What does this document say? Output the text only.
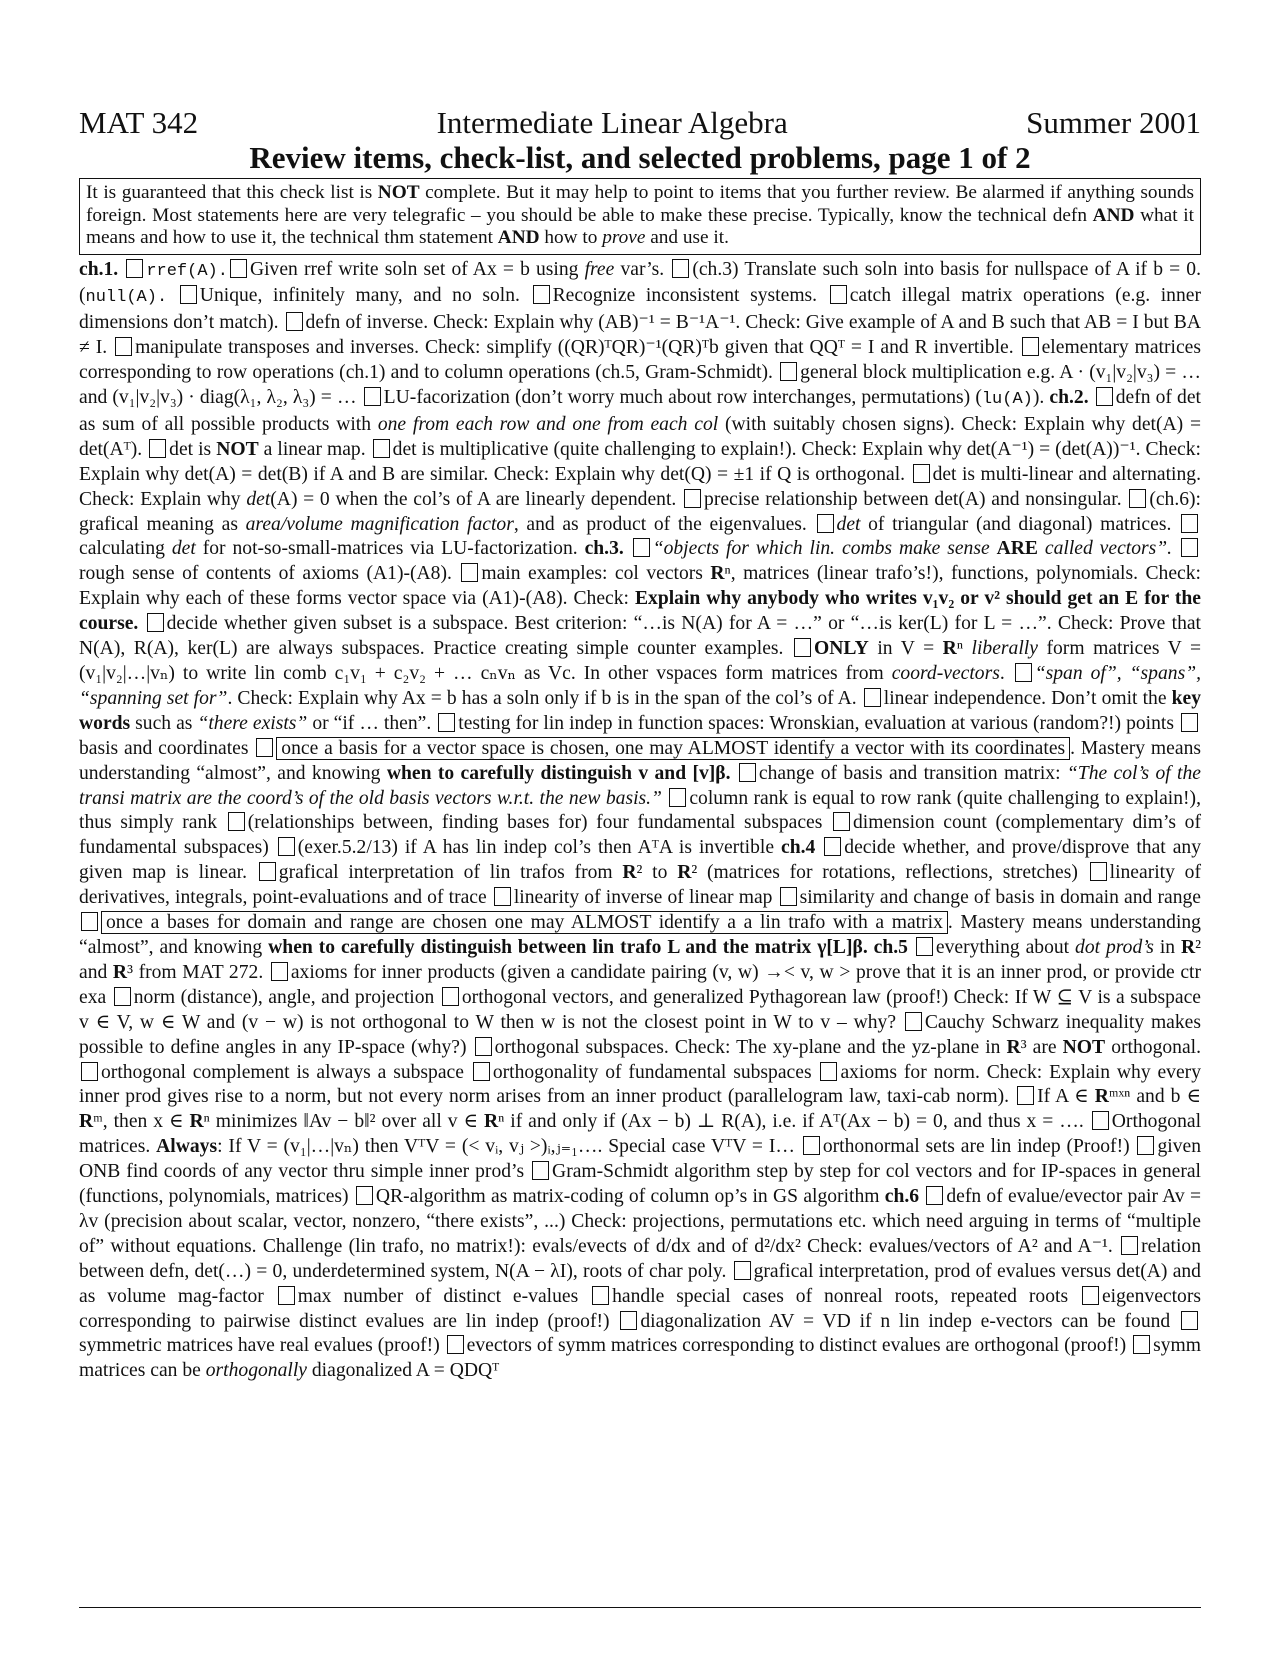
MAT 342	Intermediate Linear Algebra	Summer 2001
Review items, check-list, and selected problems, page 1 of 2
It is guaranteed that this check list is NOT complete. But it may help to point to items that you further review. Be alarmed if anything sounds foreign. Most statements here are very telegrafic – you should be able to make these precise. Typically, know the technical defn AND what it means and how to use it, the technical thm statement AND how to prove and use it.
ch.1. rref(A). Given rref write soln set of Ax = b using free var’s. (ch.3) Translate such soln into basis for nullspace of A if b = 0. (null(A). Unique, infinitely many, and no soln. Recognize inconsistent systems. catch illegal matrix operations (e.g. inner dimensions don’t match). defn of inverse. Check: Explain why (AB)⁻¹ = B⁻¹A⁻¹. Check: Give example of A and B such that AB = I but BA ≠ I. manipulate transposes and inverses. Check: simplify ((QR)ᵀQR)⁻¹(QR)ᵀb given that QQᵀ = I and R invertible. elementary matrices corresponding to row operations (ch.1) and to column operations (ch.5, Gram-Schmidt). general block multiplication e.g. A · (v₁|v₂|v₃) = … and (v₁|v₂|v₃) · diag(λ₁, λ₂, λ₃) = … LU-facorization (don’t worry much about row interchanges, permutations) (lu(A)). ch.2. defn of det as sum of all possible products with one from each row and one from each col (with suitably chosen signs). Check: Explain why det(A) = det(Aᵀ). det is NOT a linear map. det is multiplicative (quite challenging to explain!). Check: Explain why det(A⁻¹) = (det(A))⁻¹. Check: Explain why det(A) = det(B) if A and B are similar. Check: Explain why det(Q) = ±1 if Q is orthogonal. det is multi-linear and alternating. Check: Explain why det(A) = 0 when the col’s of A are linearly dependent. precise relationship between det(A) and nonsingular. (ch.6): grafical meaning as area/volume magnification factor, and as product of the eigenvalues. det of triangular (and diagonal) matrices. calculating det for not-so-small-matrices via LU-factorization. ch.3. “objects for which lin. combs make sense ARE called vectors”. rough sense of contents of axioms (A1)-(A8). main examples: col vectors Rⁿ, matrices (linear trafo’s!), functions, polynomials. Check: Explain why each of these forms vector space via (A1)-(A8). Check: Explain why anybody who writes v₁v₂ or v² should get an E for the course. decide whether given subset is a subspace. Best criterion: “…is N(A) for A = …” or “…is ker(L) for L = …”. Check: Prove that N(A), R(A), ker(L) are always subspaces. Practice creating simple counter examples. ONLY in V = Rⁿ liberally form matrices V = (v₁|v₂|…|vₙ) to write lin comb c₁v₁ + c₂v₂ + … cₙvₙ as Vc. In other vspaces form matrices from coord-vectors. “span of”, “spans”, “spanning set for”. Check: Explain why Ax = b has a soln only if b is in the span of the col’s of A. linear independence. Don’t omit the key words such as “there exists” or “if … then”. testing for lin indep in function spaces: Wronskian, evaluation at various (random?!) points basis and coordinates once a basis for a vector space is chosen, one may ALMOST identify a vector with its coordinates . Mastery means understanding “almost”, and knowing when to carefully distinguish v and [v]β. change of basis and transition matrix: “The col’s of the transi matrix are the coord’s of the old basis vectors w.r.t. the new basis.” column rank is equal to row rank (quite challenging to explain!), thus simply rank (relationships between, finding bases for) four fundamental subspaces dimension count (complementary dim’s of fundamental subspaces) (exer.5.2/13) if A has lin indep col’s then AᵀA is invertible ch.4 decide whether, and prove/disprove that any given map is linear. grafical interpretation of lin trafos from R² to R² (matrices for rotations, reflections, stretches) linearity of derivatives, integrals, point-evaluations and of trace linearity of inverse of linear map similarity and change of basis in domain and range once a bases for domain and range are chosen one may ALMOST identify a a lin trafo with a matrix . Mastery means understanding “almost”, and knowing when to carefully distinguish between lin trafo L and the matrix γ[L]β. ch.5 everything about dot prod’s in R² and R³ from MAT 272. axioms for inner products (given a candidate pairing (v, w) →< v, w > prove that it is an inner prod, or provide ctr exa norm (distance), angle, and projection orthogonal vectors, and generalized Pythagorean law (proof!) Check: If W ⊆ V is a subspace v ∈ V, w ∈ W and (v − w) is not orthogonal to W then w is not the closest point in W to v – why? Cauchy Schwarz inequality makes possible to define angles in any IP-space (why?) orthogonal subspaces. Check: The xy-plane and the yz-plane in R³ are NOT orthogonal. orthogonal complement is always a subspace orthogonality of fundamental subspaces axioms for norm. Check: Explain why every inner prod gives rise to a norm, but not every norm arises from an inner product (parallelogram law, taxi-cab norm). If A ∈ Rᵐˣⁿ and b ∈ Rᵐ, then x ∈ Rⁿ minimizes ‖Av − b‖² over all v ∈ Rⁿ if and only if (Ax − b) ⊥ R(A), i.e. if Aᵀ(Ax − b) = 0, and thus x = …. Orthogonal matrices. Always: If V = (v₁|…|vₙ) then VᵀV = (< vᵢ, vⱼ >)ᵢ,ⱼ₌₁…. Special case VᵀV = I… orthonormal sets are lin indep (Proof!) given ONB find coords of any vector thru simple inner prod’s Gram-Schmidt algorithm step by step for col vectors and for IP-spaces in general (functions, polynomials, matrices) QR-algorithm as matrix-coding of column op’s in GS algorithm ch.6 defn of evalue/evector pair Av = λv (precision about scalar, vector, nonzero, “there exists”, ...) Check: projections, permutations etc. which need arguing in terms of “multiple of” without equations. Challenge (lin trafo, no matrix!): evals/evects of d/dx and of d²/dx² Check: evalues/vectors of A² and A⁻¹. relation between defn, det(…) = 0, underdetermined system, N(A − λI), roots of char poly. grafical interpretation, prod of evalues versus det(A) and as volume mag-factor max number of distinct e-values handle special cases of nonreal roots, repeated roots eigenvectors corresponding to pairwise distinct evalues are lin indep (proof!) diagonalization AV = VD if n lin indep e-vectors can be found symmetric matrices have real evalues (proof!) evectors of symm matrices corresponding to distinct evalues are orthogonal (proof!) symm matrices can be orthogonally diagonalized A = QDQᵀ
